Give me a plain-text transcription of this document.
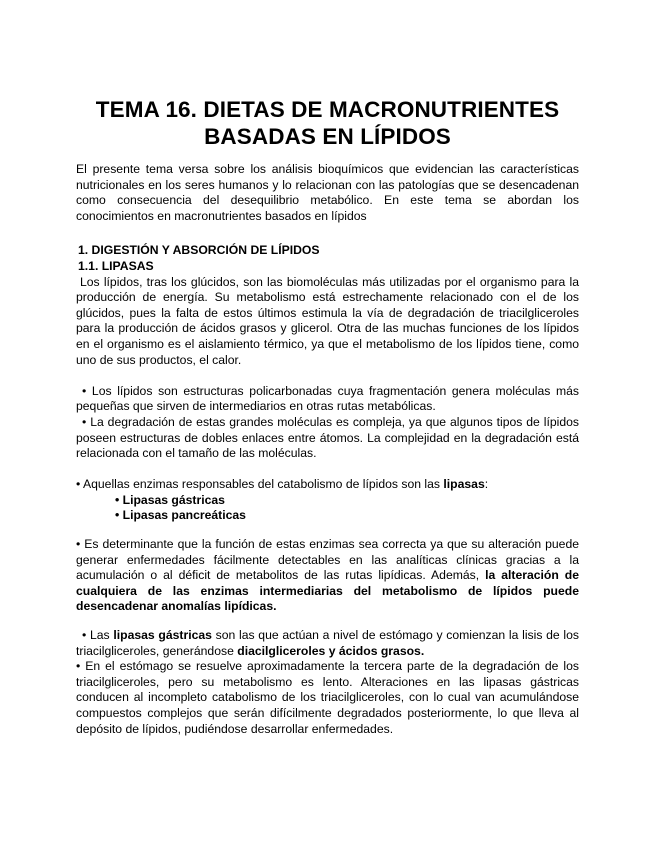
TEMA 16. DIETAS DE MACRONUTRIENTES
BASADAS EN LÍPIDOS

El presente tema versa sobre los análisis bioquímicos que evidencian las características nutricionales en los seres humanos y lo relacionan con las patologías que se desencadenan como consecuencia del desequilibrio metabólico. En este tema se abordan los conocimientos en macronutrientes basados en lípidos

1. DIGESTIÓN Y ABSORCIÓN DE LÍPIDOS
1.1. LIPASAS

Los lípidos, tras los glúcidos, son las biomoléculas más utilizadas por el organismo para la producción de energía. Su metabolismo está estrechamente relacionado con el de los glúcidos, pues la falta de estos últimos estimula la vía de degradación de triacilgliceroles para la producción de ácidos grasos y glicerol. Otra de las muchas funciones de los lípidos en el organismo es el aislamiento térmico, ya que el metabolismo de los lípidos tiene, como uno de sus productos, el calor.

• Los lípidos son estructuras policarbonadas cuya fragmentación genera moléculas más pequeñas que sirven de intermediarios en otras rutas metabólicas.

• La degradación de estas grandes moléculas es compleja, ya que algunos tipos de lípidos poseen estructuras de dobles enlaces entre átomos. La complejidad en la degradación está relacionada con el tamaño de las moléculas.

• Aquellas enzimas responsables del catabolismo de lípidos son las lipasas:

• Lipasas gástricas
• Lipasas pancreáticas

• Es determinante que la función de estas enzimas sea correcta ya que su alteración puede generar enfermedades fácilmente detectables en las analíticas clínicas gracias a la acumulación o al déficit de metabolitos de las rutas lipídicas. Además, la alteración de cualquiera de las enzimas intermediarias del metabolismo de lípidos puede desencadenar anomalías lipídicas.

• Las lipasas gástricas son las que actúan a nivel de estómago y comienzan la lisis de los triacilgliceroles, generándose diacilgliceroles y ácidos grasos.

• En el estómago se resuelve aproximadamente la tercera parte de la degradación de los triacilgliceroles, pero su metabolismo es lento. Alteraciones en las lipasas gástricas conducen al incompleto catabolismo de los triacilgliceroles, con lo cual van acumulándose compuestos complejos que serán difícilmente degradados posteriormente, lo que lleva al depósito de lípidos, pudiéndose desarrollar enfermedades.
